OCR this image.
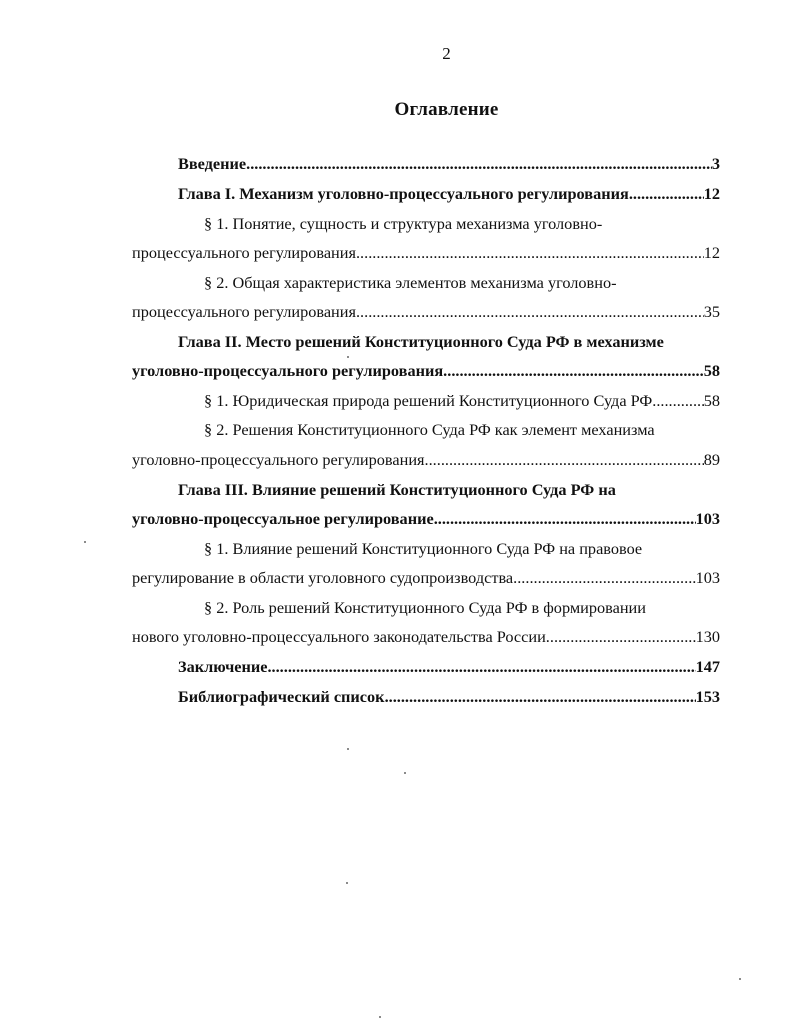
2
Оглавление
Введение .....	3
Глава I. Механизм уголовно-процессуального регулирования .....	12
§ 1. Понятие, сущность и структура механизма уголовно-
процессуального регулирования. .....	12
§ 2. Общая характеристика элементов механизма уголовно-
процессуального регулирования. .....	35
Глава II. Место решений Конституционного Суда РФ в механизме
уголовно-процессуального регулирования .....	58
§ 1. Юридическая природа решений Конституционного Суда РФ. .....	58
§ 2. Решения Конституционного Суда РФ как элемент механизма
уголовно-процессуального регулирования. .....	89
Глава III. Влияние решений Конституционного Суда РФ на
уголовно-процессуальное регулирование .....	103
§ 1. Влияние решений Конституционного Суда РФ на правовое
регулирование в области уголовного судопроизводства. .....	103
§ 2. Роль решений Конституционного Суда РФ в формировании
нового уголовно-процессуального законодательства России. .....	130
Заключение .....	147
Библиографический список .....	153
